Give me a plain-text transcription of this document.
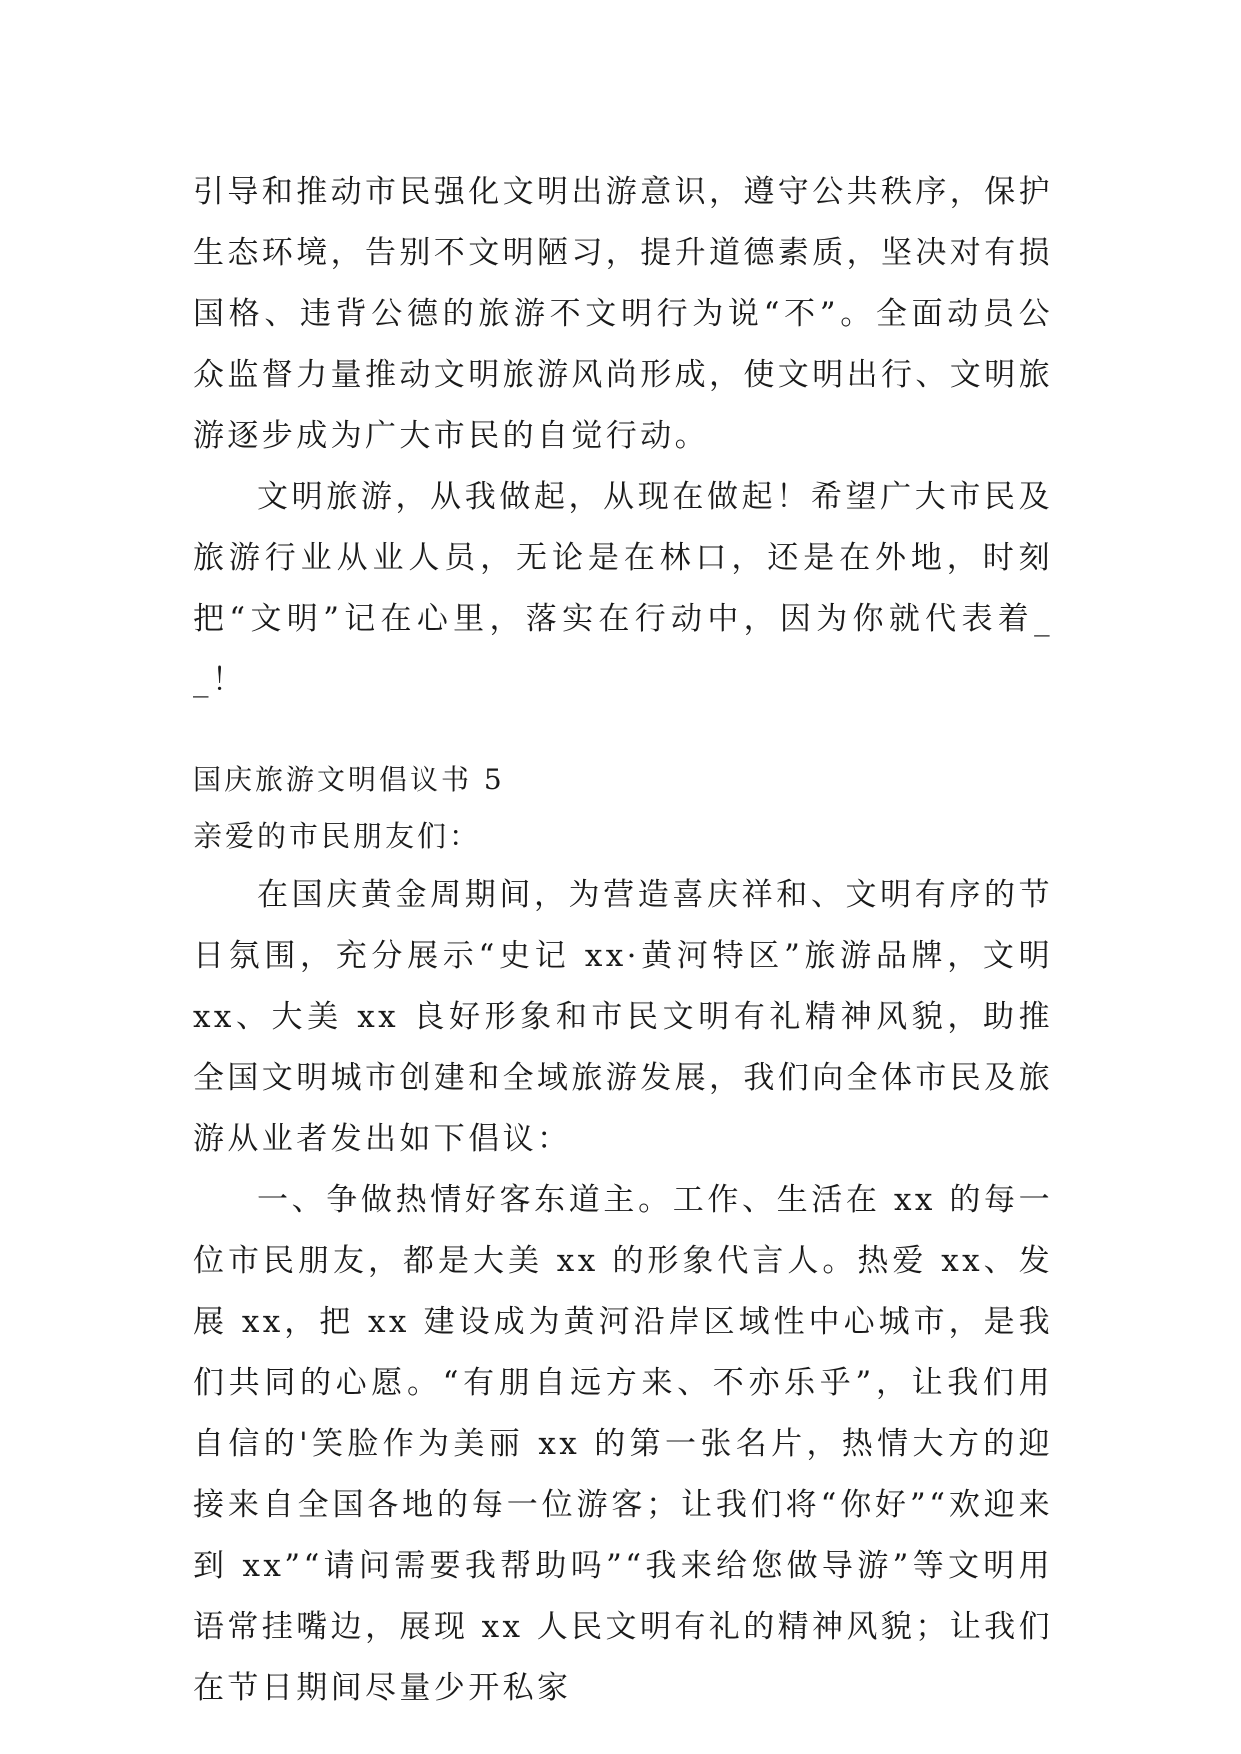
引导和推动市民强化文明出游意识，遵守公共秩序，保护生态环境，告别不文明陋习，提升道德素质，坚决对有损国格、违背公德的旅游不文明行为说“不”。全面动员公众监督力量推动文明旅游风尚形成，使文明出行、文明旅游逐步成为广大市民的自觉行动。

文明旅游，从我做起，从现在做起！希望广大市民及旅游行业从业人员，无论是在林口，还是在外地，时刻把“文明”记在心里，落实在行动中，因为你就代表着__！

国庆旅游文明倡议书 5

亲爱的市民朋友们：

在国庆黄金周期间，为营造喜庆祥和、文明有序的节日氛围，充分展示“史记 xx·黄河特区”旅游品牌，文明 xx、大美 xx 良好形象和市民文明有礼精神风貌，助推全国文明城市创建和全域旅游发展，我们向全体市民及旅游从业者发出如下倡议：

一、争做热情好客东道主。工作、生活在 xx 的每一位市民朋友，都是大美 xx 的形象代言人。热爱 xx、发展 xx，把 xx 建设成为黄河沿岸区域性中心城市，是我们共同的心愿。“有朋自远方来、不亦乐乎”，让我们用自信的'笑脸作为美丽 xx 的第一张名片，热情大方的迎接来自全国各地的每一位游客；让我们将“你好”“欢迎来到 xx”“请问需要我帮助吗”“我来给您做导游”等文明用语常挂嘴边，展现 xx 人民文明有礼的精神风貌；让我们在节日期间尽量少开私家
